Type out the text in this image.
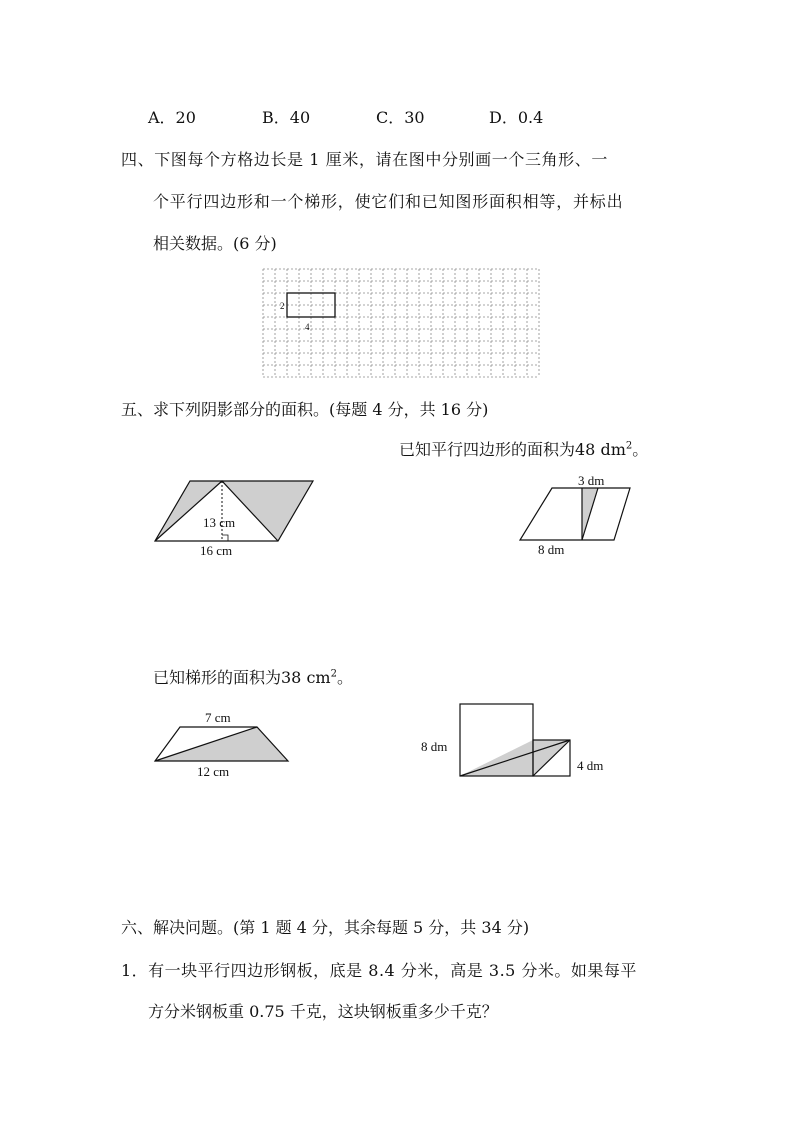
A．20	B．40	C．30	D．0.4
四、下图每个方格边长是 1 厘米，请在图中分别画一个三角形、一
个平行四边形和一个梯形，使它们和已知图形面积相等，并标出
相关数据。(6 分)
2
4
五、求下列阴影部分的面积。(每题 4 分，共 16 分)
已知平行四边形的面积为48 $dm^2$。
13 cm
16 cm
3 dm
8 dm
已知梯形的面积为38 $cm^2$。
7 cm
12 cm
8 dm
4 dm
六、解决问题。(第 1 题 4 分，其余每题 5 分，共 34 分)
1．有一块平行四边形钢板，底是 8.4 分米，高是 3.5 分米。如果每平
方分米钢板重 0.75 千克，这块钢板重多少千克？
